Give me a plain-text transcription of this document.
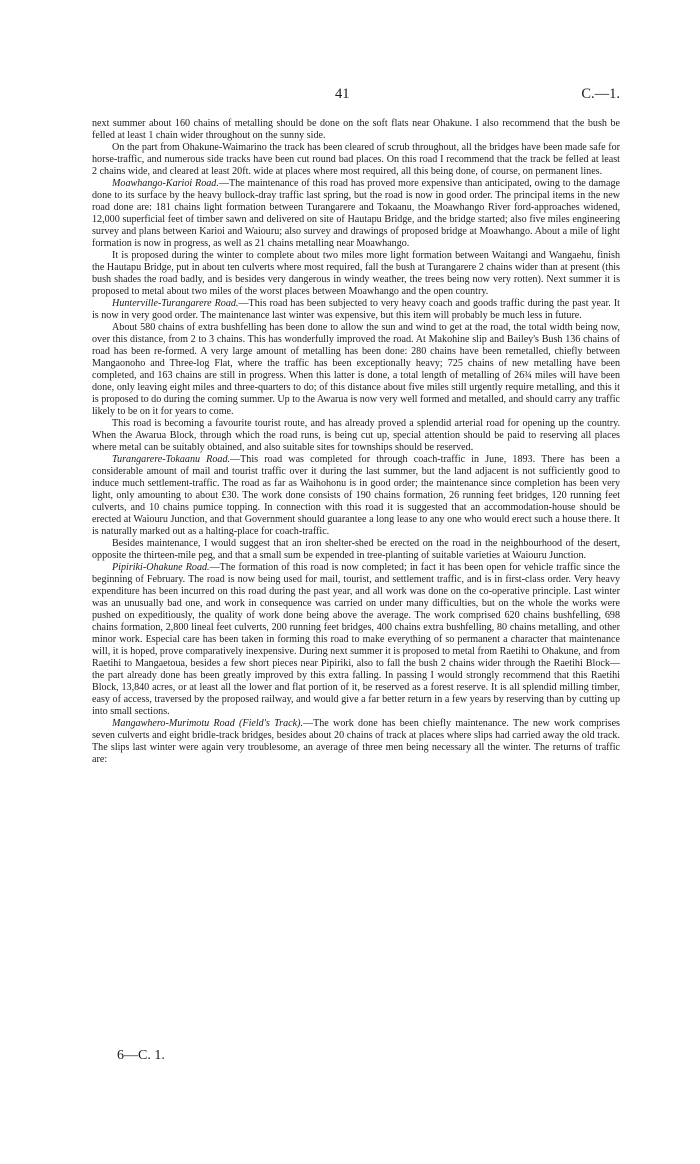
41	C.—1.

next summer about 160 chains of metalling should be done on the soft flats near Ohakune. I also recommend that the bush be felled at least 1 chain wider throughout on the sunny side.

On the part from Ohakune-Waimarino the track has been cleared of scrub throughout, all the bridges have been made safe for horse-traffic, and numerous side tracks have been cut round bad places. On this road I recommend that the track be felled at least 2 chains wide, and cleared at least 20ft. wide at places where most required, all this being done, of course, on permanent lines.

Moawhango-Karioi Road.—The maintenance of this road has proved more expensive than anticipated, owing to the damage done to its surface by the heavy bullock-dray traffic last spring, but the road is now in good order. The principal items in the new road done are: 181 chains light formation between Turangarere and Tokaanu, the Moawhango River ford-approaches widened, 12,000 superficial feet of timber sawn and delivered on site of Hautapu Bridge, and the bridge started; also five miles engineering survey and plans between Karioi and Waiouru; also survey and drawings of proposed bridge at Moawhango. About a mile of light formation is now in progress, as well as 21 chains metalling near Moawhango.

It is proposed during the winter to complete about two miles more light formation between Waitangi and Wangaehu, finish the Hautapu Bridge, put in about ten culverts where most required, fall the bush at Turangarere 2 chains wider than at present (this bush shades the road badly, and is besides very dangerous in windy weather, the trees being now very rotten). Next summer it is proposed to metal about two miles of the worst places between Moawhango and the open country.

Hunterville-Turangarere Road.—This road has been subjected to very heavy coach and goods traffic during the past year. It is now in very good order. The maintenance last winter was expensive, but this item will probably be much less in future.

About 580 chains of extra bushfelling has been done to allow the sun and wind to get at the road, the total width being now, over this distance, from 2 to 3 chains. This has wonderfully improved the road. At Makohine slip and Bailey's Bush 136 chains of road has been re-formed. A very large amount of metalling has been done: 280 chains have been remetalled, chiefly between Mangaonoho and Three-log Flat, where the traffic has been exceptionally heavy; 725 chains of new metalling have been completed, and 163 chains are still in progress. When this latter is done, a total length of metalling of 26¾ miles will have been done, only leaving eight miles and three-quarters to do; of this distance about five miles still urgently require metalling, and this it is proposed to do during the coming summer. Up to the Awarua is now very well formed and metalled, and should carry any traffic likely to be on it for years to come.

This road is becoming a favourite tourist route, and has already proved a splendid arterial road for opening up the country. When the Awarua Block, through which the road runs, is being cut up, special attention should be paid to reserving all places where metal can be suitably obtained, and also suitable sites for townships should be reserved.

Turangarere-Tokaanu Road.—This road was completed for through coach-traffic in June, 1893. There has been a considerable amount of mail and tourist traffic over it during the last summer, but the land adjacent is not sufficiently good to induce much settlement-traffic. The road as far as Waihohonu is in good order; the maintenance since completion has been very light, only amounting to about £30. The work done consists of 190 chains formation, 26 running feet bridges, 120 running feet culverts, and 10 chains pumice topping. In connection with this road it is suggested that an accommodation-house should be erected at Waiouru Junction, and that Government should guarantee a long lease to any one who would erect such a house there. It is naturally marked out as a halting-place for coach-traffic.

Besides maintenance, I would suggest that an iron shelter-shed be erected on the road in the neighbourhood of the desert, opposite the thirteen-mile peg, and that a small sum be expended in tree-planting of suitable varieties at Waiouru Junction.

Pipiriki-Ohakune Road.—The formation of this road is now completed; in fact it has been open for vehicle traffic since the beginning of February. The road is now being used for mail, tourist, and settlement traffic, and is in first-class order. Very heavy expenditure has been incurred on this road during the past year, and all work was done on the co-operative principle. Last winter was an unusually bad one, and work in consequence was carried on under many difficulties, but on the whole the works were pushed on expeditiously, the quality of work done being above the average. The work comprised 620 chains bushfelling, 698 chains formation, 2,800 lineal feet culverts, 200 running feet bridges, 400 chains extra bushfelling, 80 chains metalling, and other minor work. Especial care has been taken in forming this road to make everything of so permanent a character that maintenance will, it is hoped, prove comparatively inexpensive. During next summer it is proposed to metal from Raetihi to Ohakune, and from Raetihi to Mangaetoua, besides a few short pieces near Pipiriki, also to fall the bush 2 chains wider through the Raetihi Block—the part already done has been greatly improved by this extra falling. In passing I would strongly recommend that this Raetihi Block, 13,840 acres, or at least all the lower and flat portion of it, be reserved as a forest reserve. It is all splendid milling timber, easy of access, traversed by the proposed railway, and would give a far better return in a few years by reserving than by cutting up into small sections.

Mangawhero-Murimotu Road (Field's Track).—The work done has been chiefly maintenance. The new work comprises seven culverts and eight bridle-track bridges, besides about 20 chains of track at places where slips had carried away the old track. The slips last winter were again very troublesome, an average of three men being necessary all the winter. The returns of traffic are:

6—C. 1.
